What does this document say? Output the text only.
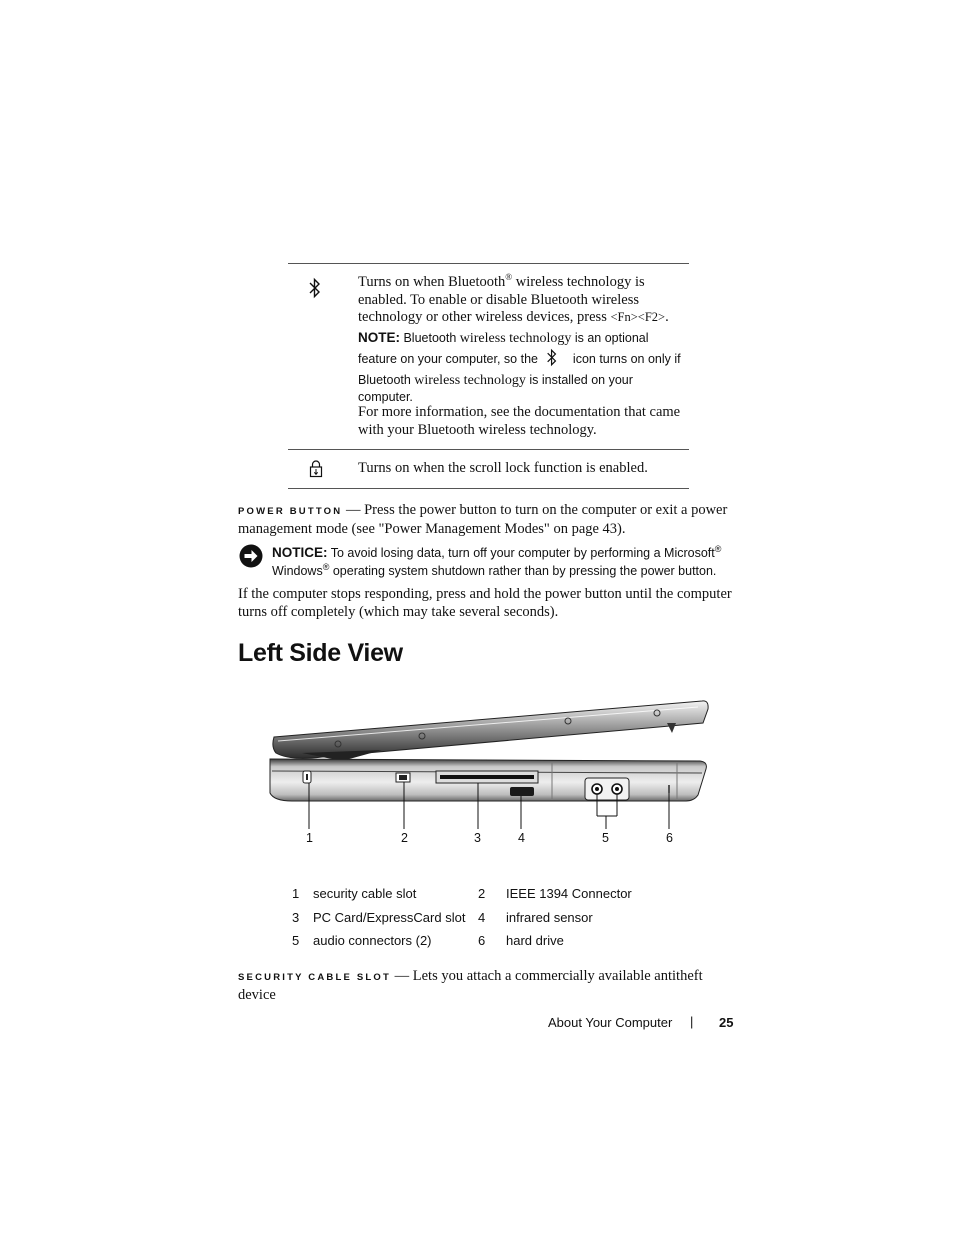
Turns on when Bluetooth® wireless technology is enabled. To enable or disable Bluetooth wireless technology or other wireless devices, press <Fn><F2>.
NOTE: Bluetooth wireless technology is an optional feature on your computer, so the  icon turns on only if Bluetooth wireless technology is installed on your computer.
For more information, see the documentation that came with your Bluetooth wireless technology.
Turns on when the scroll lock function is enabled.
POWER BUTTON — Press the power button to turn on the computer or exit a power management mode (see "Power Management Modes" on page 43).
NOTICE: To avoid losing data, turn off your computer by performing a Microsoft®
Windows® operating system shutdown rather than by pressing the power button.
If the computer stops responding, press and hold the power button until the computer turns off completely (which may take several seconds).
Left Side View
1	2	3	4	5	6
1	security cable slot	2	IEEE 1394 Connector
3	PC Card/ExpressCard slot	4	infrared sensor
5	audio connectors (2)	6	hard drive
SECURITY CABLE SLOT — Lets you attach a commercially available antitheft device
About Your Computer | 25
